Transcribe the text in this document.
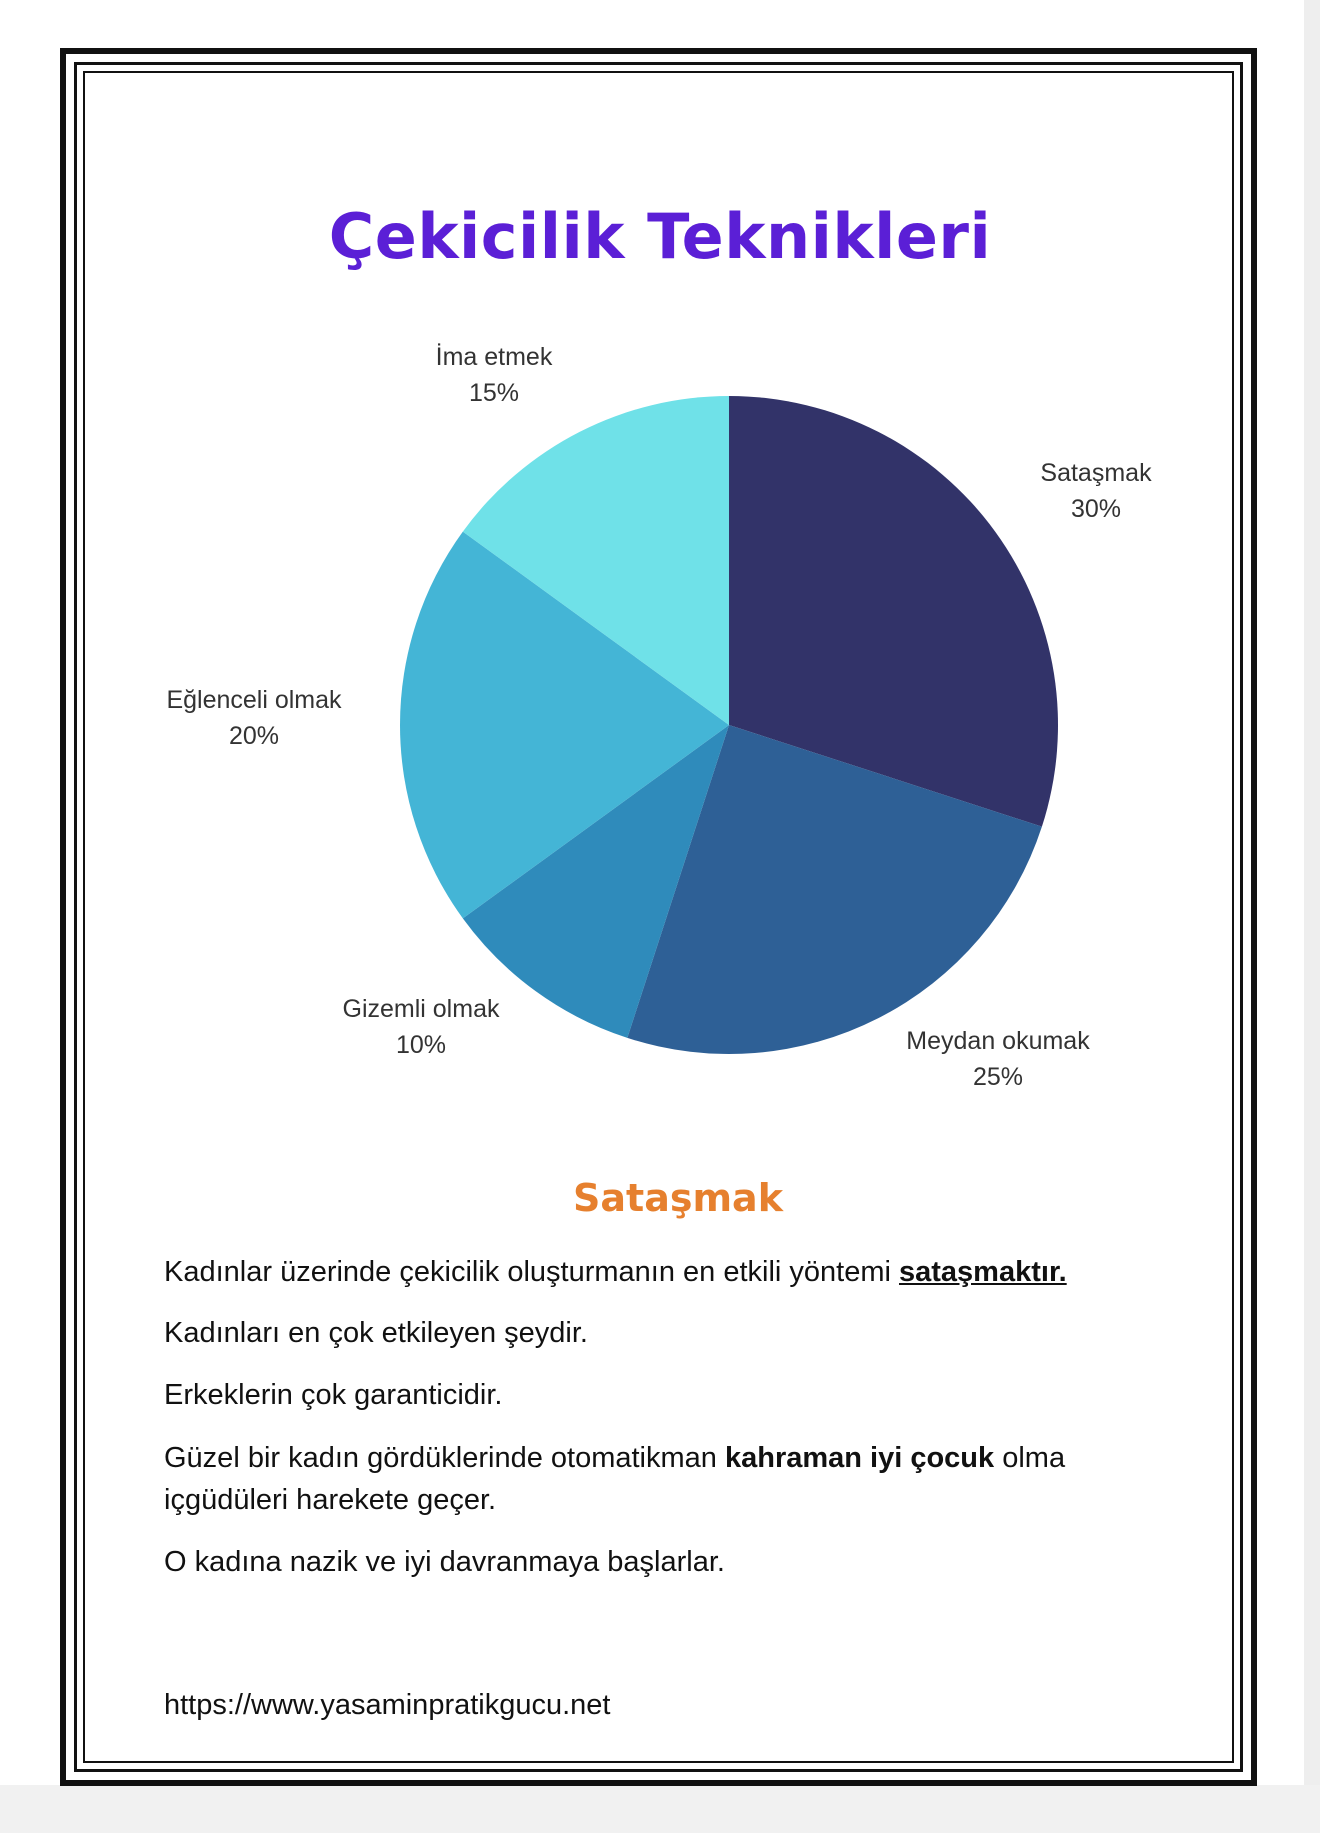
Çekicilik Teknikleri
Sataşmak
30%
Meydan okumak
25%
Gizemli olmak
10%
Eğlenceli olmak
20%
İma etmek
15%
Sataşmak

Kadınlar üzerinde çekicilik oluşturmanın en etkili yöntemi sataşmaktır.

Kadınları en çok etkileyen şeydir.

Erkeklerin çok garanticidir.

Güzel bir kadın gördüklerinde otomatikman kahraman iyi çocuk olma içgüdüleri harekete geçer.

O kadına nazik ve iyi davranmaya başlarlar.

https://www.yasaminpratikgucu.net
